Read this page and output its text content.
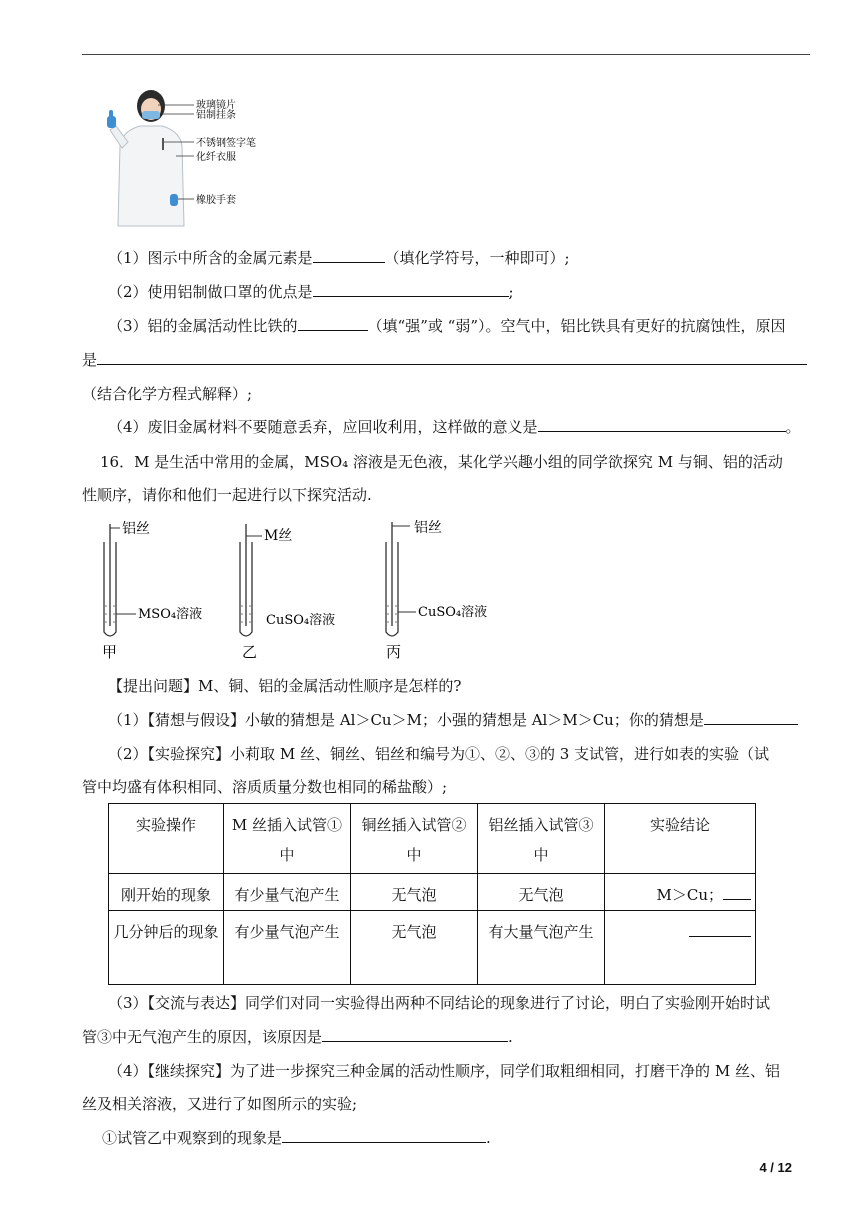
玻璃镜片
铝制挂条
不锈钢签字笔
化纤衣服
橡胶手套
（1）图示中所含的金属元素是	（填化学符号，一种即可）;
（2）使用铝制做口罩的优点是	;
（3）铝的金属活动性比铁的	（填“强”或 “弱”）。空气中，铝比铁具有更好的抗腐蚀性，原因
是
（结合化学方程式解释）;
（4）废旧金属材料不要随意丢弃，应回收利用，这样做的意义是	。
16．M 是生活中常用的金属，MSO₄ 溶液是无色液，某化学兴趣小组的同学欲探究 M 与铜、铝的活动
性顺序，请你和他们一起进行以下探究活动.
铝丝
MSO₄溶液
甲
M丝
CuSO₄溶液
乙
铝丝
CuSO₄溶液
丙
【提出问题】M、铜、铝的金属活动性顺序是怎样的?
（1）【猜想与假设】小敏的猜想是 Al＞Cu＞M；小强的猜想是 Al＞M＞Cu；你的猜想是
（2）【实验探究】小莉取 M 丝、铜丝、铝丝和编号为①、②、③的 3 支试管，进行如表的实验（试
管中均盛有体积相同、溶质质量分数也相同的稀盐酸）;
实验操作	M 丝插入试管①中	铜丝插入试管②中	铝丝插入试管③中	实验结论
刚开始的现象	有少量气泡产生	无气泡	无气泡	M＞Cu；
几分钟后的现象	有少量气泡产生	无气泡	有大量气泡产生	
（3）【交流与表达】同学们对同一实验得出两种不同结论的现象进行了讨论，明白了实验刚开始时试
管③中无气泡产生的原因，该原因是	.
（4）【继续探究】为了进一步探究三种金属的活动性顺序，同学们取粗细相同，打磨干净的 M 丝、铝
丝及相关溶液，又进行了如图所示的实验;
①试管乙中观察到的现象是	.
4 / 12
